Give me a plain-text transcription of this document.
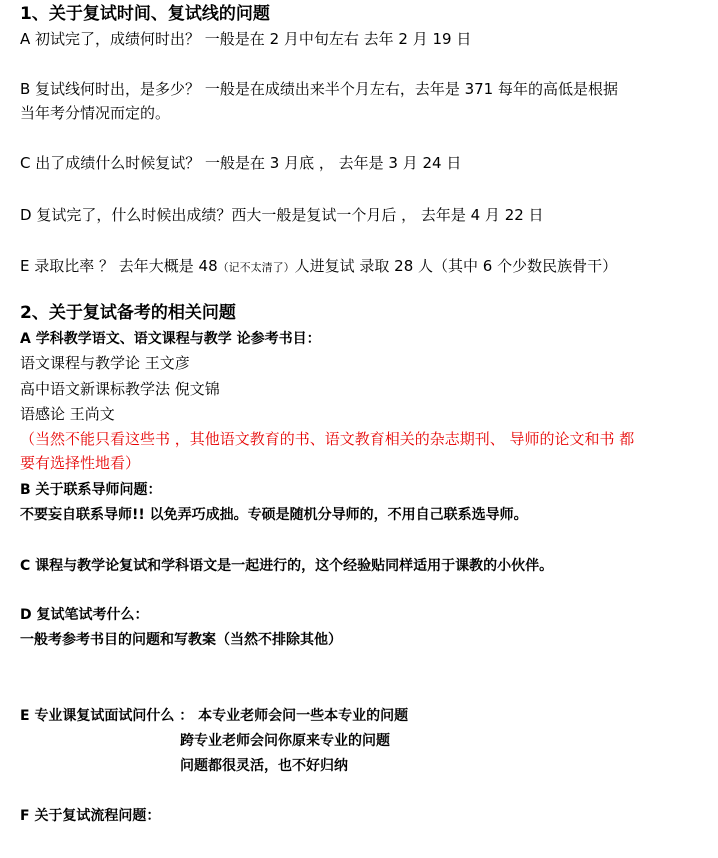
1、关于复试时间、复试线的问题
A 初试完了，成绩何时出？ 一般是在 2 月中旬左右 去年 2 月 19 日
B 复试线何时出，是多少？ 一般是在成绩出来半个月左右，去年是 371 每年的高低是根据
当年考分情况而定的。
C 出了成绩什么时候复试？ 一般是在 3 月底 ， 去年是 3 月 24 日
D 复试完了，什么时候出成绩？西大一般是复试一个月后 ， 去年是 4 月 22 日
E 录取比率 ？ 去年大概是 48（记不太清了）人进复试 录取 28 人（其中 6 个少数民族骨干）
2、关于复试备考的相关问题
A 学科教学语文、语文课程与教学 论参考书目：
语文课程与教学论 王文彦
高中语文新课标教学法 倪文锦
语感论 王尚文
（当然不能只看这些书 ，其他语文教育的书、语文教育相关的杂志期刊、 导师的论文和书 都
要有选择性地看）
B 关于联系导师问题：
不要妄自联系导师!! 以免弄巧成拙。专硕是随机分导师的，不用自己联系选导师。
C 课程与教学论复试和学科语文是一起进行的，这个经验贴同样适用于课教的小伙伴。
D 复试笔试考什么：
一般考参考书目的问题和写教案（当然不排除其他）
E 专业课复试面试问什么 ： 本专业老师会问一些本专业的问题
跨专业老师会问你原来专业的问题
问题都很灵活，也不好归纳
F 关于复试流程问题：
